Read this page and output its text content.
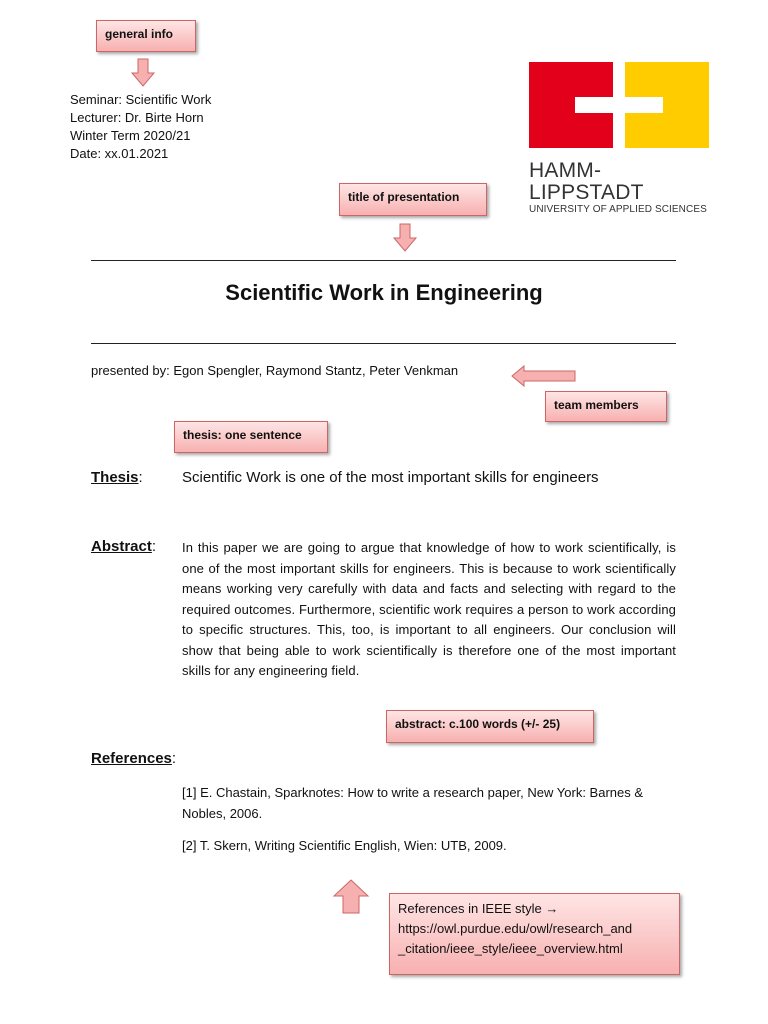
general info
Seminar: Scientific Work
Lecturer: Dr. Birte Horn
Winter Term 2020/21
Date: xx.01.2021
HAMM-LIPPSTADT
UNIVERSITY OF APPLIED SCIENCES
title of presentation
Scientific Work in Engineering
presented by: Egon Spengler, Raymond Stantz, Peter Venkman
team members
thesis: one sentence
Thesis:	Scientific Work is one of the most important skills for engineers
Abstract: In this paper we are going to argue that knowledge of how to work scientifically, is one of the most important skills for engineers. This is because to work scientifically means working very carefully with data and facts and selecting with regard to the required outcomes. Furthermore, scientific work requires a person to work according to specific structures. This, too, is important to all engineers. Our conclusion will show that being able to work scientifically is therefore one of the most important skills for any engineering field.
abstract: c.100 words (+/- 25)
References:
[1] E. Chastain, Sparknotes: How to write a research paper, New York: Barnes & Nobles, 2006.
[2] T. Skern, Writing Scientific English, Wien: UTB, 2009.
References in IEEE style →
https://owl.purdue.edu/owl/research_and
_citation/ieee_style/ieee_overview.html
